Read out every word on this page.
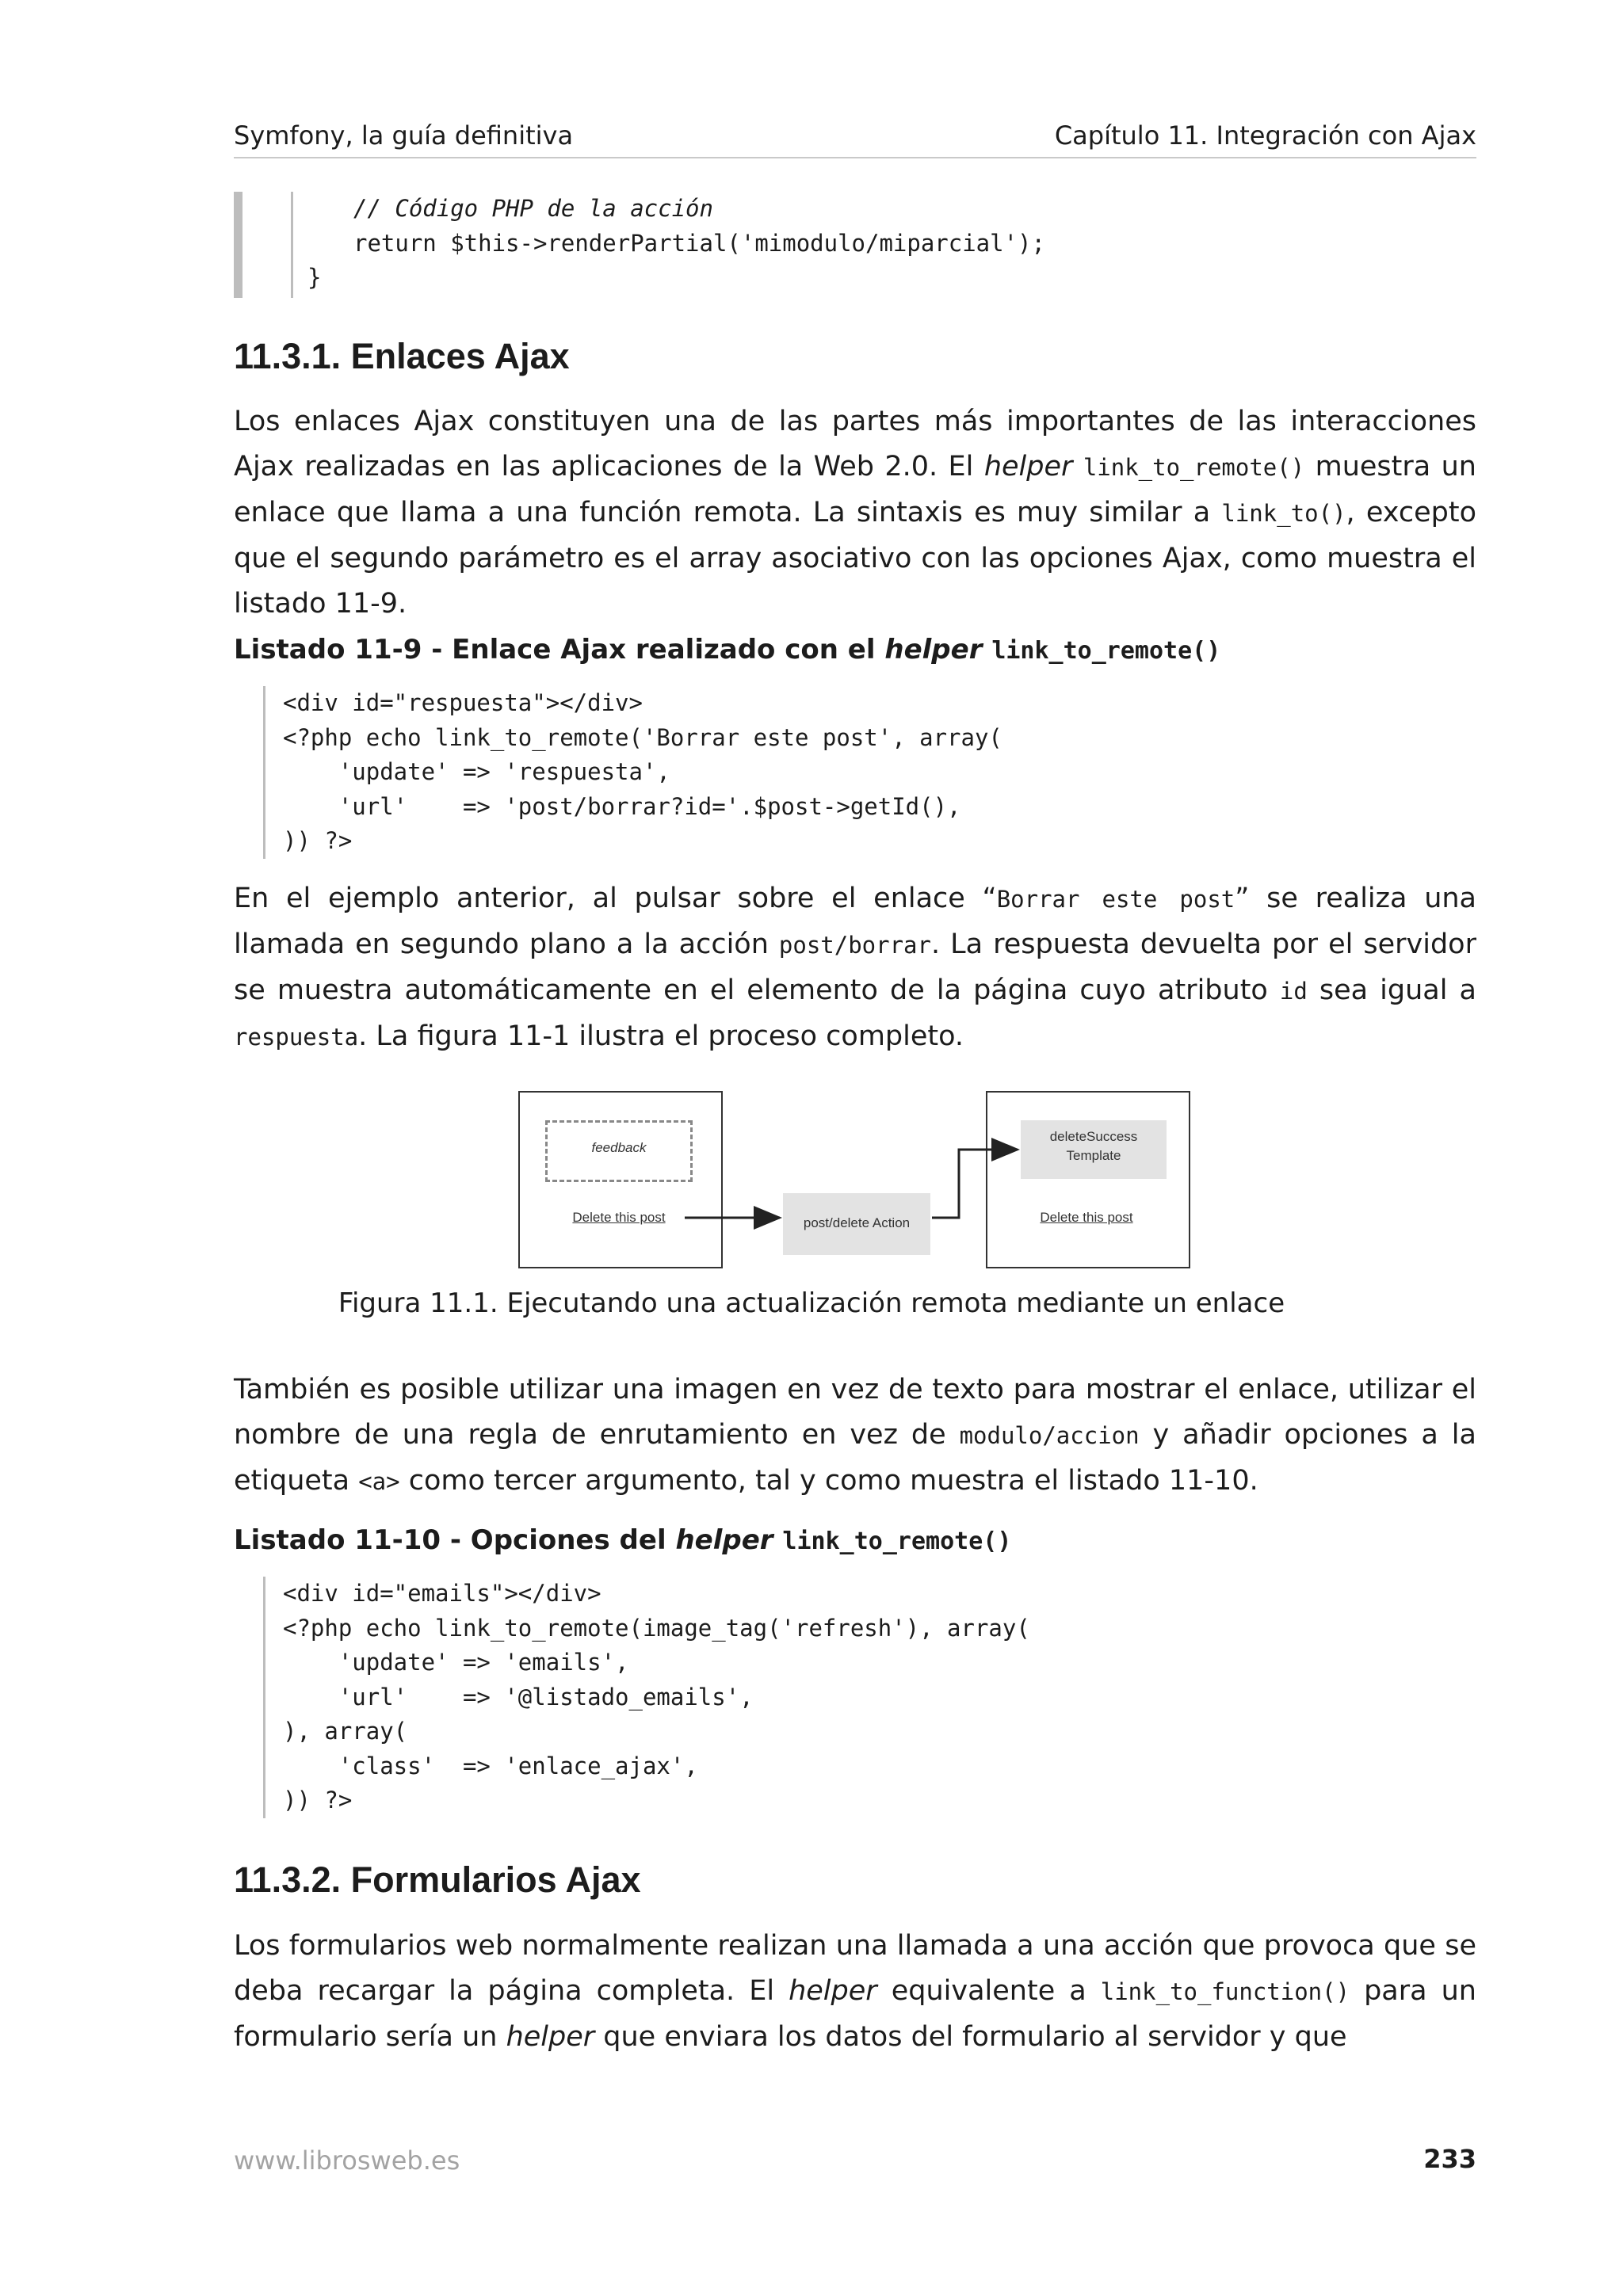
Symfony, la guía definitiva	Capítulo 11. Integración con Ajax
// Código PHP de la acción
return $this->renderPartial('mimodulo/miparcial');
}
11.3.1. Enlaces Ajax

Los enlaces Ajax constituyen una de las partes más importantes de las interacciones Ajax realizadas en las aplicaciones de la Web 2.0. El helper link_to_remote() muestra un enlace que llama a una función remota. La sintaxis es muy similar a link_to(), excepto que el segundo parámetro es el array asociativo con las opciones Ajax, como muestra el listado 11-9.

Listado 11-9 - Enlace Ajax realizado con el helper link_to_remote()

<div id="respuesta"></div>
<?php echo link_to_remote('Borrar este post', array(
'update' => 'respuesta',
'url'    => 'post/borrar?id='.$post->getId(),
)) ?>

En el ejemplo anterior, al pulsar sobre el enlace “Borrar este post” se realiza una llamada en segundo plano a la acción post/borrar. La respuesta devuelta por el servidor se muestra automáticamente en el elemento de la página cuyo atributo id sea igual a respuesta. La figura 11-1 ilustra el proceso completo.

feedback
Delete this post	post/delete Action
deleteSuccess
Template
Delete this post
Figura 11.1. Ejecutando una actualización remota mediante un enlace

También es posible utilizar una imagen en vez de texto para mostrar el enlace, utilizar el nombre de una regla de enrutamiento en vez de modulo/accion y añadir opciones a la etiqueta <a> como tercer argumento, tal y como muestra el listado 11-10.

Listado 11-10 - Opciones del helper link_to_remote()

<div id="emails"></div>
<?php echo link_to_remote(image_tag('refresh'), array(
'update' => 'emails',
'url'    => '@listado_emails',
), array(
'class'  => 'enlace_ajax',
)) ?>
11.3.2. Formularios Ajax

Los formularios web normalmente realizan una llamada a una acción que provoca que se deba recargar la página completa. El helper equivalente a link_to_function() para un formulario sería un helper que enviara los datos del formulario al servidor y que

www.librosweb.es	233
